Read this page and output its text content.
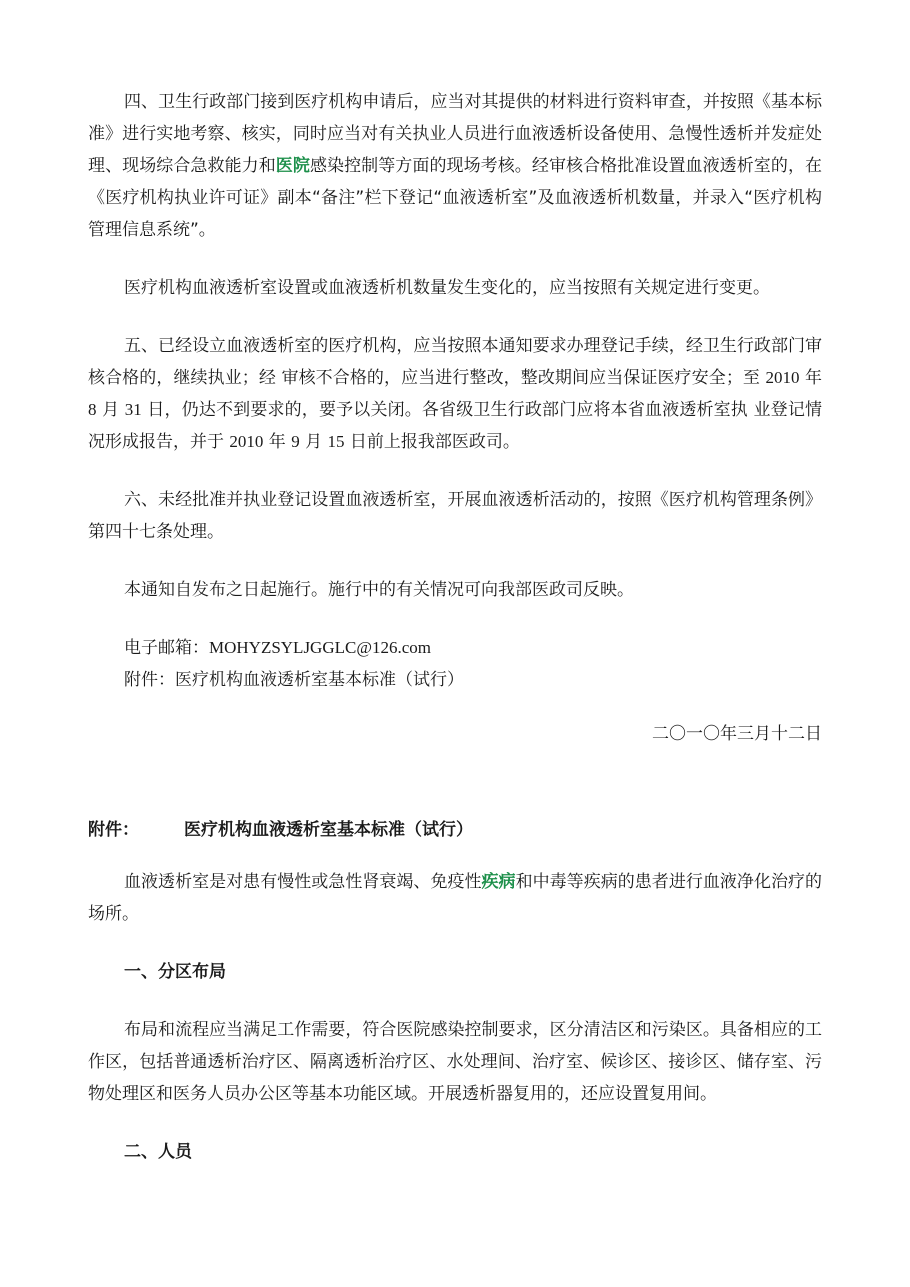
四、卫生行政部门接到医疗机构申请后，应当对其提供的材料进行资料审查，并按照《基本标准》进行实地考察、核实，同时应当对有关执业人员进行血液透析设备使用、急慢性透析并发症处理、现场综合急救能力和医院感染控制等方面的现场考核。经审核合格批准设置血液透析室的，在《医疗机构执业许可证》副本“备注”栏下登记“血液透析室”及血液透析机数量，并录入“医疗机构管理信息系统”。

医疗机构血液透析室设置或血液透析机数量发生变化的，应当按照有关规定进行变更。

五、已经设立血液透析室的医疗机构，应当按照本通知要求办理登记手续，经卫生行政部门审核合格的，继续执业；经 审核不合格的，应当进行整改，整改期间应当保证医疗安全；至 2010 年 8 月 31 日，仍达不到要求的，要予以关闭。各省级卫生行政部门应将本省血液透析室执 业登记情况形成报告，并于 2010 年 9 月 15 日前上报我部医政司。

六、未经批准并执业登记设置血液透析室，开展血液透析活动的，按照《医疗机构管理条例》第四十七条处理。

本通知自发布之日起施行。施行中的有关情况可向我部医政司反映。

电子邮箱：MOHYZSYLJGGLC@126.com

附件：医疗机构血液透析室基本标准（试行）

二〇一〇年三月十二日

附件：	医疗机构血液透析室基本标准（试行）

血液透析室是对患有慢性或急性肾衰竭、免疫性疾病和中毒等疾病的患者进行血液净化治疗的场所。

一、分区布局

布局和流程应当满足工作需要，符合医院感染控制要求，区分清洁区和污染区。具备相应的工作区，包括普通透析治疗区、隔离透析治疗区、水处理间、治疗室、候诊区、接诊区、储存室、污物处理区和医务人员办公区等基本功能区域。开展透析器复用的，还应设置复用间。

二、人员
